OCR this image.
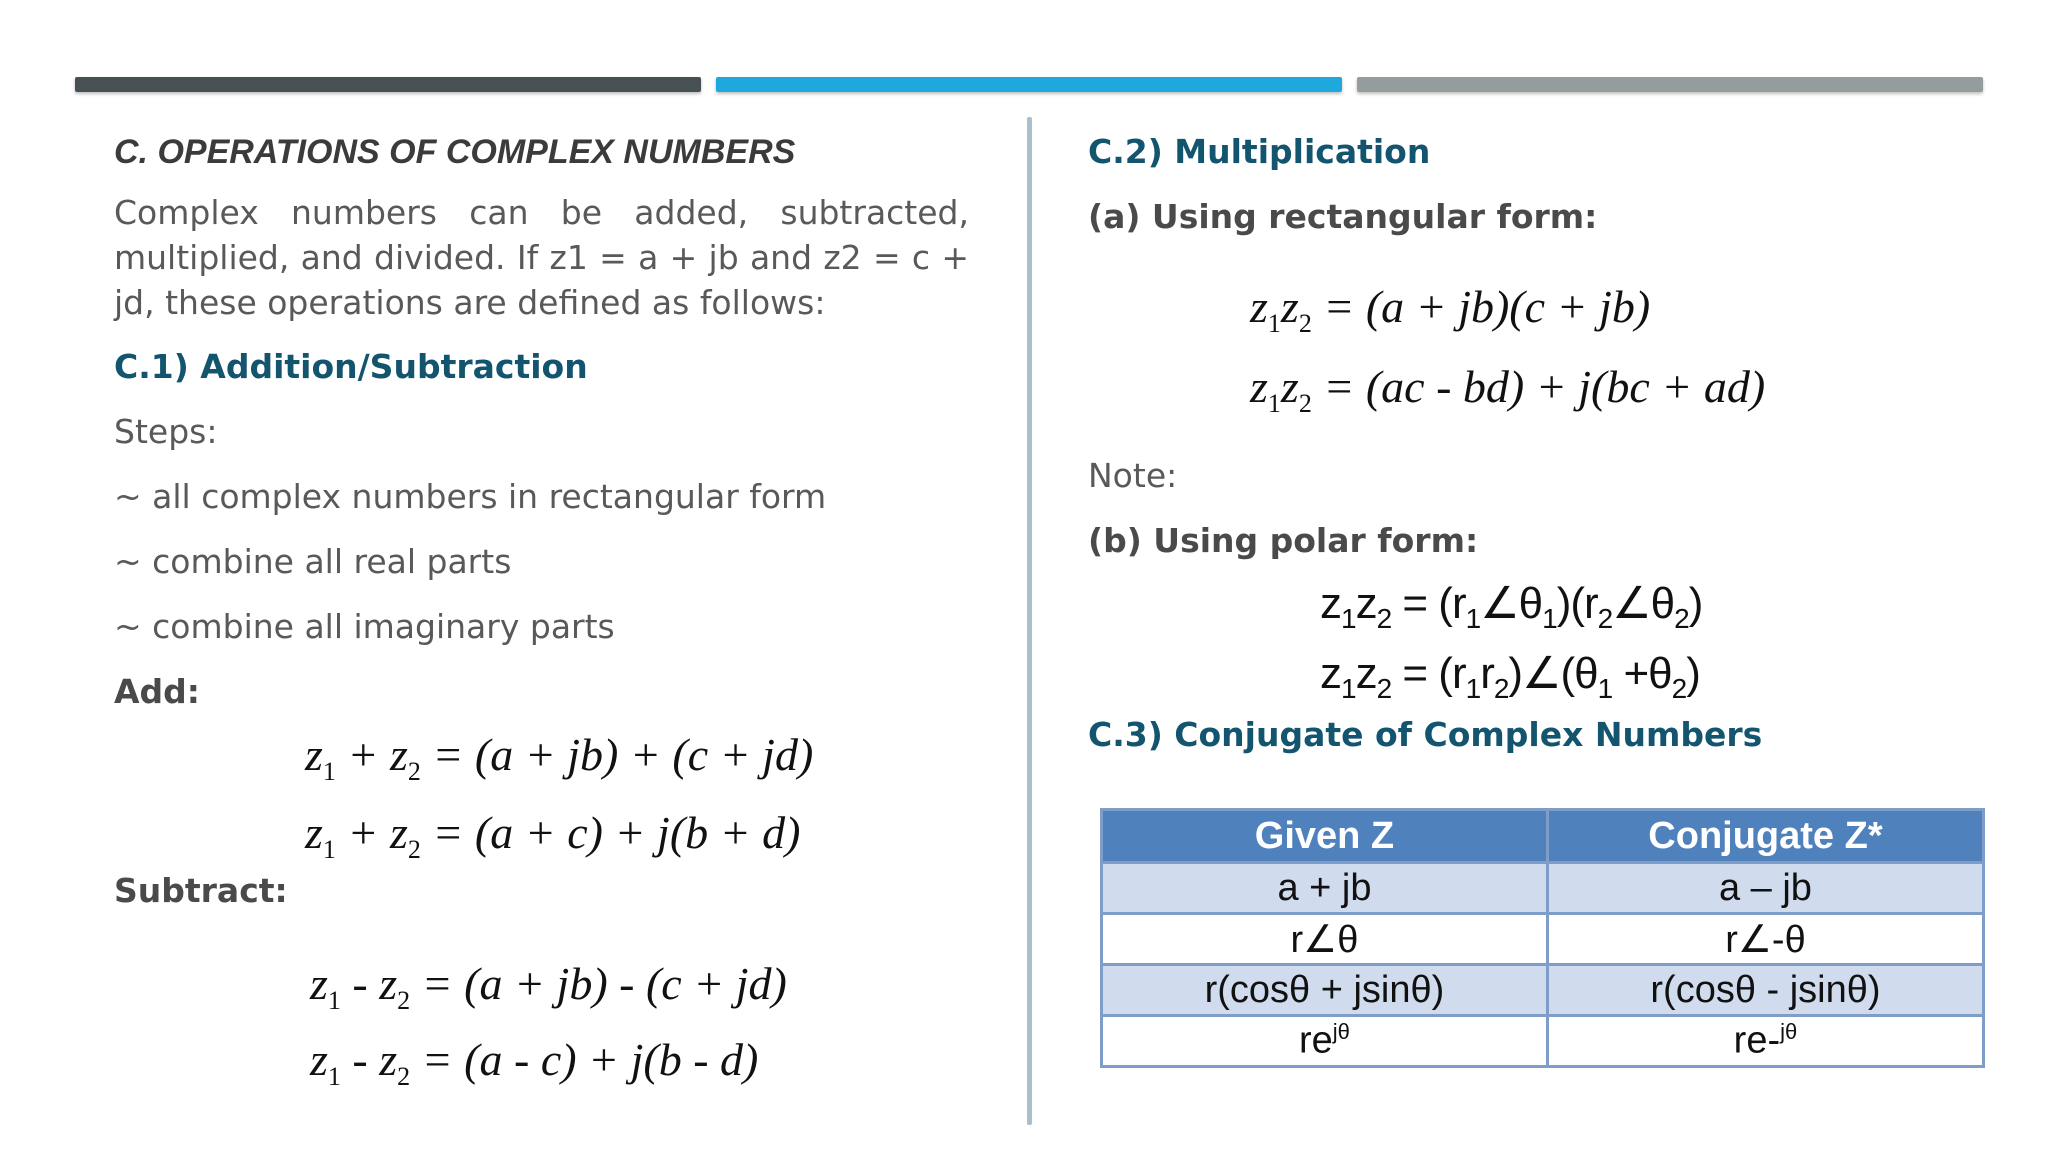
C. OPERATIONS OF COMPLEX NUMBERS

Complex numbers can be added, subtracted, multiplied, and divided. If z1 = a + jb and z2 = c + jd, these operations are defined as follows:

C.1) Addition/Subtraction

Steps:

~ all complex numbers in rectangular form

~ combine all real parts

~ combine all imaginary parts

Add:

Subtract:
$z_1 + z_2 = (a + jb) + (c + jd)$
$z_1 + z_2 = (a + c) + j(b + d)$
$z_1 - z_2 = (a + jb) - (c + jd)$
$z_1 - z_2 = (a - c) + j(b - d)$

C.2) Multiplication

(a) Using rectangular form:

$z_1z_2 = (a + jb)(c + jb)$
$z_1z_2 = (ac - bd) + j(bc + ad)$
Note:
(b) Using polar form:
$z_1z_2$ = $(r_1\angle\theta_1)(r_2\angle\theta_2)$
$z_1z_2$ = $(r_1r_2)\angle(\theta_1 +\theta_2)$
C.3) Conjugate of Complex Numbers
Given Z	Conjugate Z*
a + jb	a – jb
r∠θ	r∠-θ
r(cosθ + jsinθ)	r(cosθ - jsinθ)
$re^{j\theta}$	re-$^{j\theta}$
